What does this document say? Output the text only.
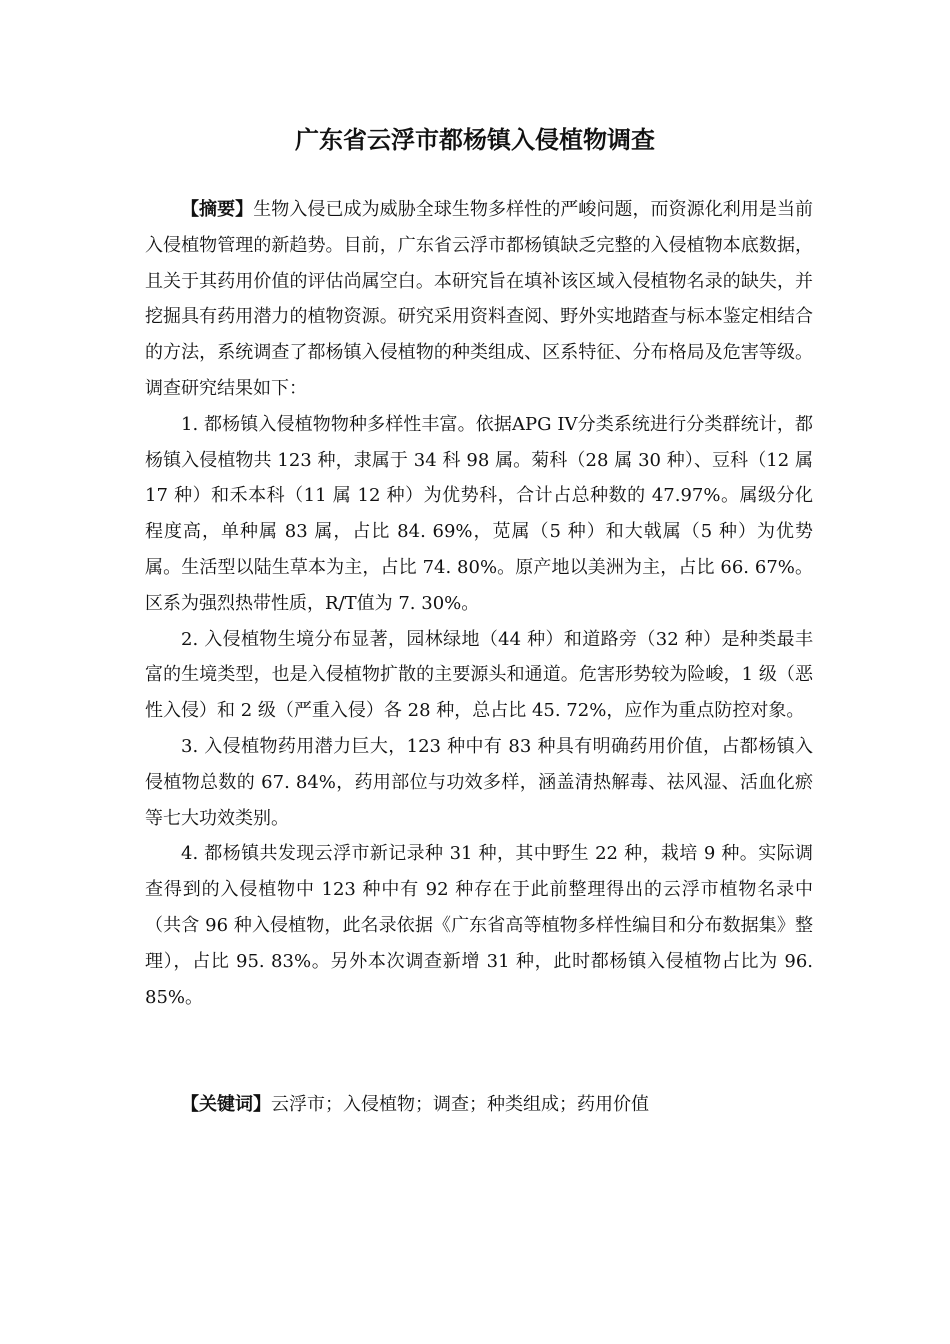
广东省云浮市都杨镇入侵植物调查

【摘要】生物入侵已成为威胁全球生物多样性的严峻问题，而资源化利用是当前入侵植物管理的新趋势。目前，广东省云浮市都杨镇缺乏完整的入侵植物本底数据，且关于其药用价值的评估尚属空白。本研究旨在填补该区域入侵植物名录的缺失，并挖掘具有药用潜力的植物资源。研究采用资料查阅、野外实地踏查与标本鉴定相结合的方法，系统调查了都杨镇入侵植物的种类组成、区系特征、分布格局及危害等级。调查研究结果如下：

1. 都杨镇入侵植物物种多样性丰富。依据APG IV分类系统进行分类群统计，都杨镇入侵植物共 123 种，隶属于 34 科 98 属。菊科（28 属 30 种）、豆科（12 属 17 种）和禾本科（11 属 12 种）为优势科，合计占总种数的 47.97%。属级分化程度高，单种属 83 属，占比 84. 69%，苋属（5 种）和大戟属（5 种）为优势属。生活型以陆生草本为主，占比 74. 80%。原产地以美洲为主，占比 66. 67%。区系为强烈热带性质，R/T值为 7. 30%。

2. 入侵植物生境分布显著，园林绿地（44 种）和道路旁（32 种）是种类最丰富的生境类型，也是入侵植物扩散的主要源头和通道。危害形势较为险峻，1 级（恶性入侵）和 2 级（严重入侵）各 28 种，总占比 45. 72%，应作为重点防控对象。

3. 入侵植物药用潜力巨大，123 种中有 83 种具有明确药用价值，占都杨镇入侵植物总数的 67. 84%，药用部位与功效多样，涵盖清热解毒、祛风湿、活血化瘀等七大功效类别。

4. 都杨镇共发现云浮市新记录种 31 种，其中野生 22 种，栽培 9 种。实际调查得到的入侵植物中 123 种中有 92 种存在于此前整理得出的云浮市植物名录中（共含 96 种入侵植物，此名录依据《广东省高等植物多样性编目和分布数据集》整理），占比 95. 83%。另外本次调查新增 31 种，此时都杨镇入侵植物占比为 96. 85%。

【关键词】云浮市；入侵植物；调查；种类组成；药用价值
